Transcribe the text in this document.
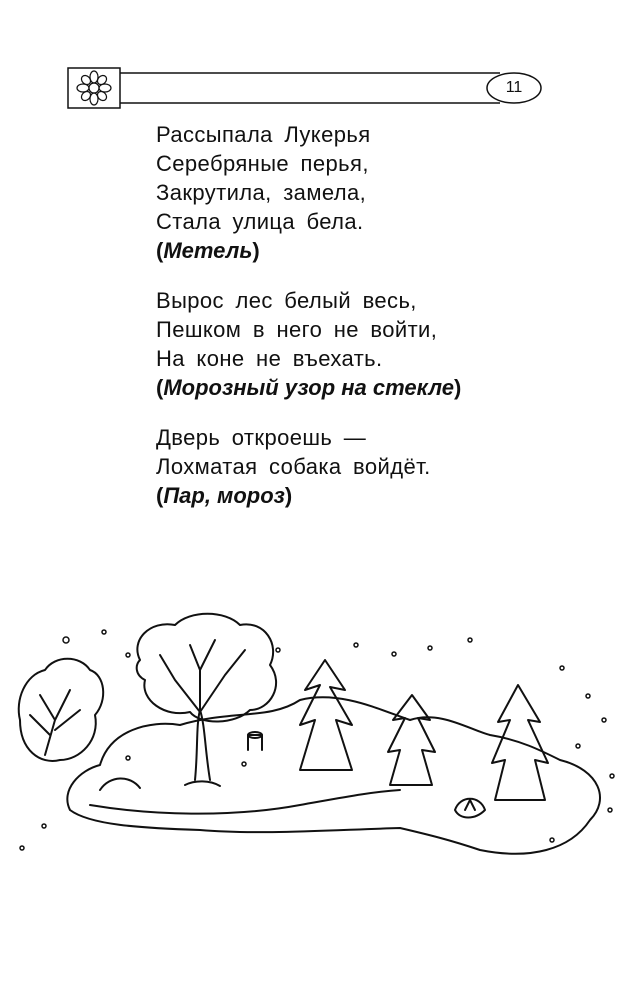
11
Рассыпала Лукерья
Серебряные перья,
Закрутила, замела,
Стала улица бела.
(Метель)
Вырос лес белый весь,
Пешком в него не войти,
На коне не въехать.
(Морозный узор на стекле)
Дверь откроешь —
Лохматая собака войдёт.
(Пар, мороз)
